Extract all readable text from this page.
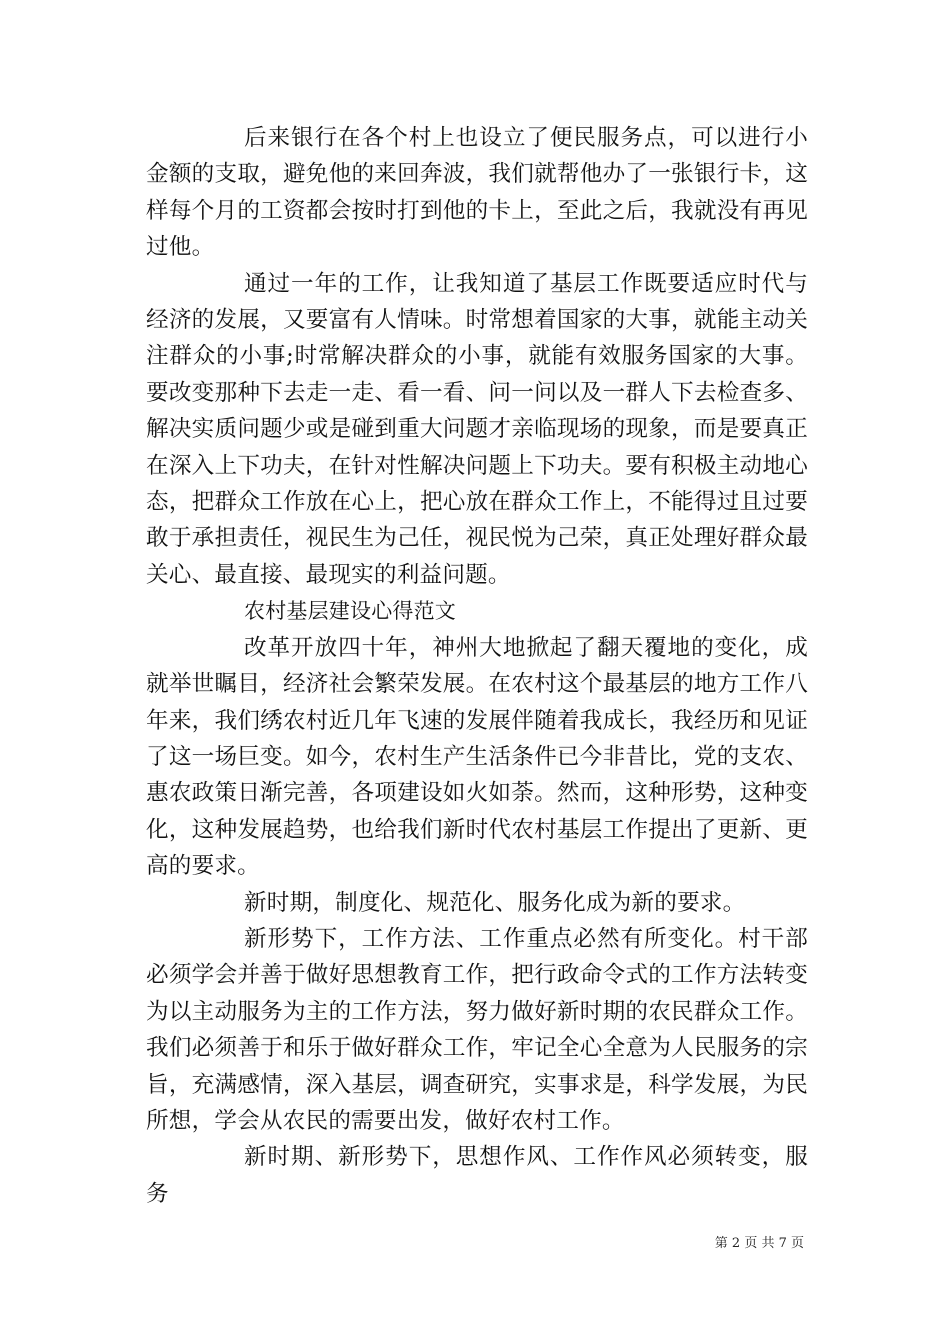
后来银行在各个村上也设立了便民服务点，可以进行小金额的支取，避免他的来回奔波，我们就帮他办了一张银行卡，这样每个月的工资都会按时打到他的卡上，至此之后，我就没有再见过他。

通过一年的工作，让我知道了基层工作既要适应时代与经济的发展，又要富有人情味。时常想着国家的大事，就能主动关注群众的小事;时常解决群众的小事，就能有效服务国家的大事。要改变那种下去走一走、看一看、问一问以及一群人下去检查多、解决实质问题少或是碰到重大问题才亲临现场的现象，而是要真正在深入上下功夫，在针对性解决问题上下功夫。要有积极主动地心态，把群众工作放在心上，把心放在群众工作上，不能得过且过要敢于承担责任，视民生为己任，视民悦为己荣，真正处理好群众最关心、最直接、最现实的利益问题。

农村基层建设心得范文

改革开放四十年，神州大地掀起了翻天覆地的变化，成就举世瞩目，经济社会繁荣发展。在农村这个最基层的地方工作八年来，我们绣农村近几年飞速的发展伴随着我成长，我经历和见证了这一场巨变。如今，农村生产生活条件已今非昔比，党的支农、惠农政策日渐完善，各项建设如火如荼。然而，这种形势，这种变化，这种发展趋势，也给我们新时代农村基层工作提出了更新、更高的要求。

新时期，制度化、规范化、服务化成为新的要求。

新形势下，工作方法、工作重点必然有所变化。村干部必须学会并善于做好思想教育工作，把行政命令式的工作方法转变为以主动服务为主的工作方法，努力做好新时期的农民群众工作。我们必须善于和乐于做好群众工作，牢记全心全意为人民服务的宗旨，充满感情，深入基层，调查研究，实事求是，科学发展，为民所想，学会从农民的需要出发，做好农村工作。

新时期、新形势下，思想作风、工作作风必须转变，服务

第 2 页 共 7 页
